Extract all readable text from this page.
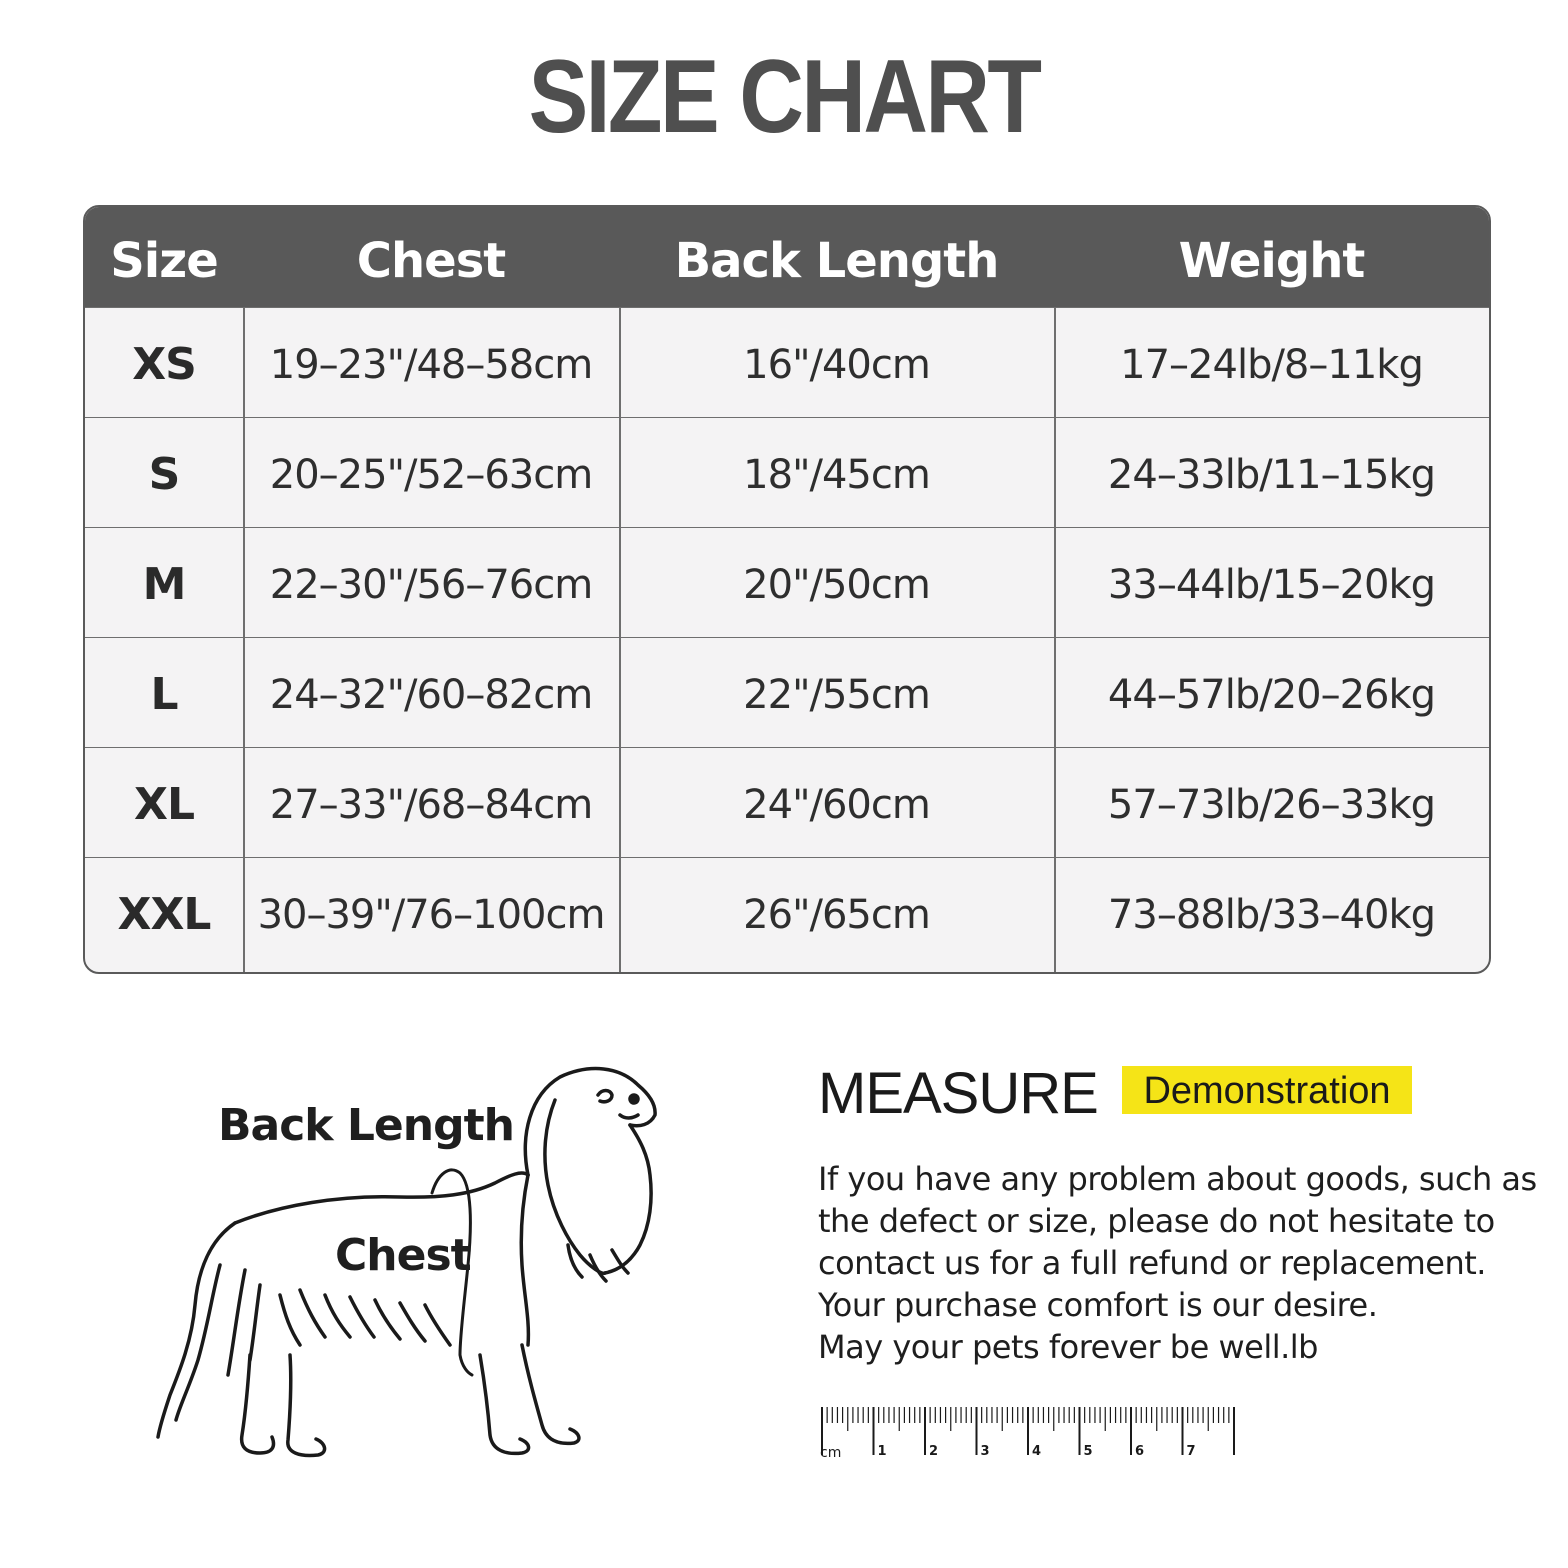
SIZE CHART
Size	Chest	Back Length	Weight
XS	19–23"/48–58cm	16"/40cm	17–24lb/8–11kg
S	20–25"/52–63cm	18"/45cm	24–33lb/11–15kg
M	22–30"/56–76cm	20"/50cm	33–44lb/15–20kg
L	24–32"/60–82cm	22"/55cm	44–57lb/20–26kg
XL	27–33"/68–84cm	24"/60cm	57–73lb/26–33kg
XXL	30–39"/76–100cm	26"/65cm	73–88lb/33–40kg
Back Length
Chest
MEASURE	Demonstration
If you have any problem about goods, such as
the defect or size, please do not hesitate to
contact us for a full refund or replacement.
Your purchase comfort is our desire.
May your pets forever be well.lb
cm	1	2	3	4	5	6	7
